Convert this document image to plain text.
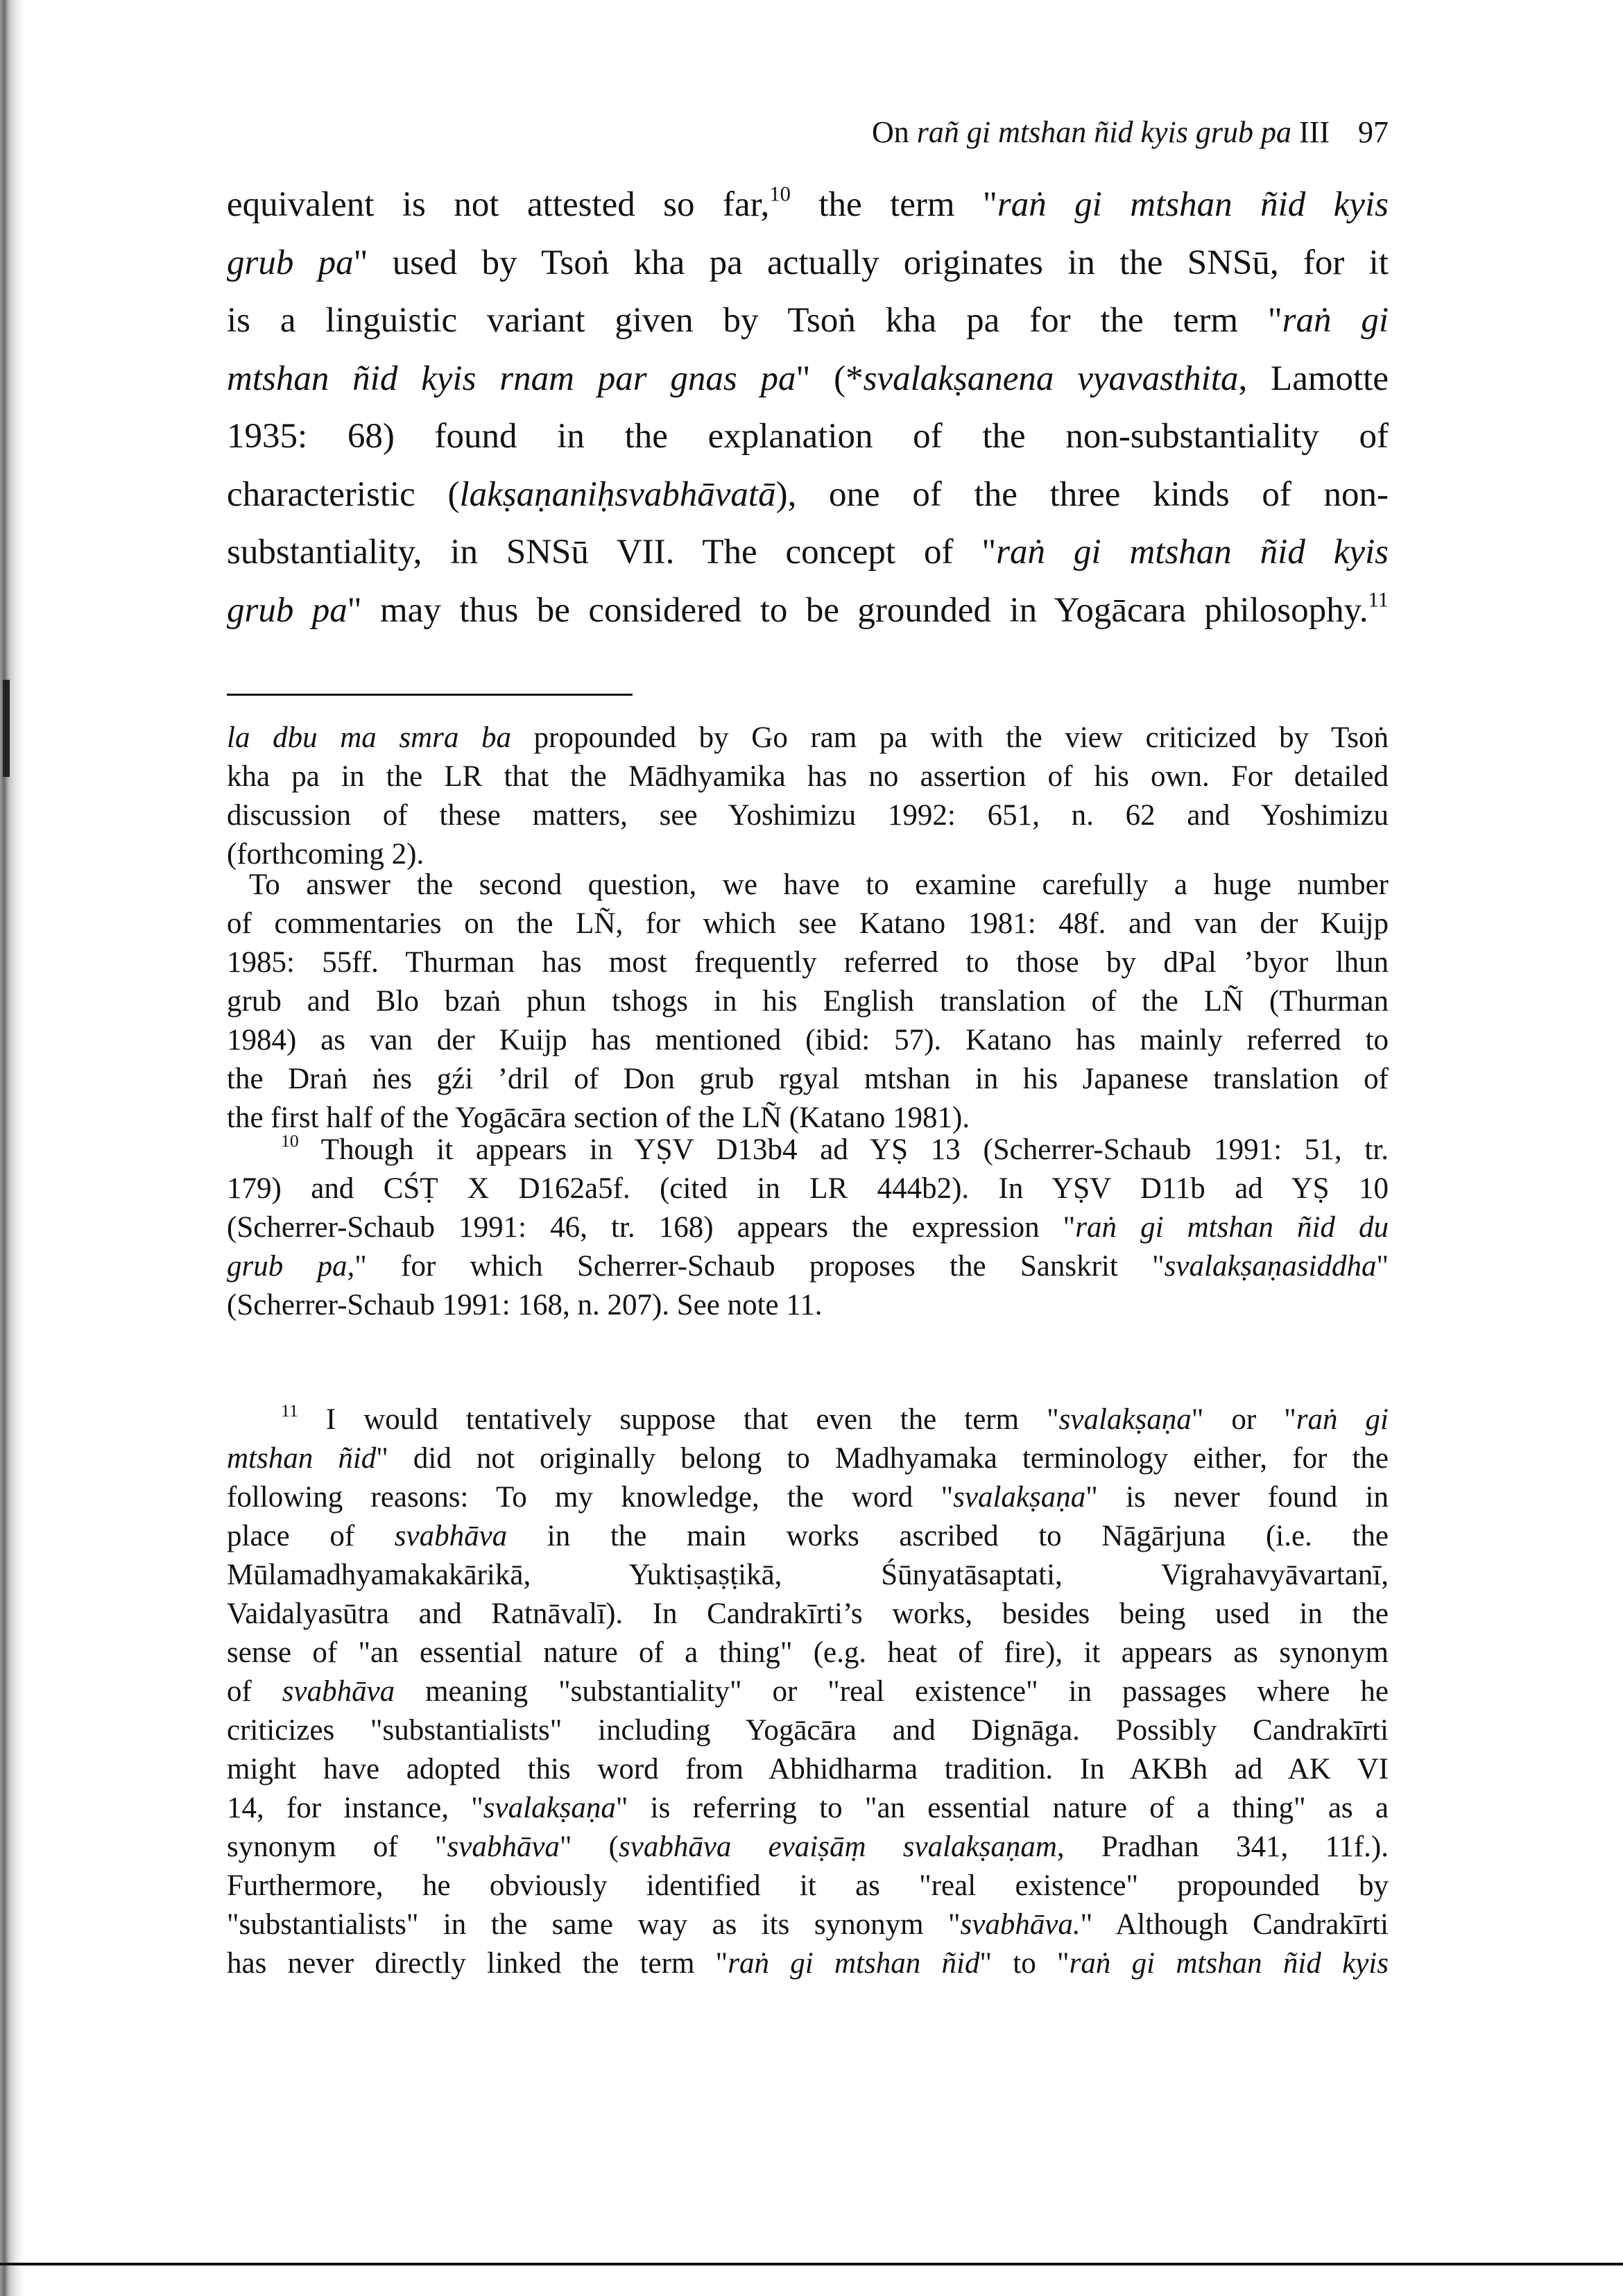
On rañ gi mtshan ñid kyis grub pa III 97
equivalent is not attested so far,$^{10}$ the term "raṅ gi mtshan ñid kyis
grub pa" used by Tsoṅ kha pa actually originates in the SNSū, for it
is a linguistic variant given by Tsoṅ kha pa for the term "raṅ gi
mtshan ñid kyis rnam par gnas pa" (*svalakṣanena vyavasthita, Lamotte
1935: 68) found in the explanation of the non-substantiality of
characteristic (lakṣaṇaniḥsvabhāvatā), one of the three kinds of non-
substantiality, in SNSū VII. The concept of "raṅ gi mtshan ñid kyis
grub pa" may thus be considered to be grounded in Yogācara philosophy.$^{11}$
la dbu ma smra ba propounded by Go ram pa with the view criticized by Tsoṅ
kha pa in the LR that the Mādhyamika has no assertion of his own. For detailed
discussion of these matters, see Yoshimizu 1992: 651, n. 62 and Yoshimizu
(forthcoming 2).
To answer the second question, we have to examine carefully a huge number
of commentaries on the LÑ, for which see Katano 1981: 48f. and van der Kuijp
1985: 55ff. Thurman has most frequently referred to those by dPal ’byor lhun
grub and Blo bzaṅ phun tshogs in his English translation of the LÑ (Thurman
1984) as van der Kuijp has mentioned (ibid: 57). Katano has mainly referred to
the Draṅ ṅes gźi ’dril of Don grub rgyal mtshan in his Japanese translation of
the first half of the Yogācāra section of the LÑ (Katano 1981).
$^{10}$ Though it appears in YṢV D13b4 ad YṢ 13 (Scherrer-Schaub 1991: 51, tr.
179) and CŚṬ X D162a5f. (cited in LR 444b2). In YṢV D11b ad YṢ 10
(Scherrer-Schaub 1991: 46, tr. 168) appears the expression "raṅ gi mtshan ñid du
grub pa," for which Scherrer-Schaub proposes the Sanskrit "svalakṣaṇasiddha"
(Scherrer-Schaub 1991: 168, n. 207). See note 11.
$^{11}$ I would tentatively suppose that even the term "svalakṣaṇa" or "raṅ gi
mtshan ñid" did not originally belong to Madhyamaka terminology either, for the
following reasons: To my knowledge, the word "svalakṣaṇa" is never found in
place of svabhāva in the main works ascribed to Nāgārjuna (i.e. the
Mūlamadhyamakakārikā, Yuktiṣaṣṭikā, Śūnyatāsaptati, Vigrahavyāvartanī,
Vaidalyasūtra and Ratnāvalī). In Candrakīrti’s works, besides being used in the
sense of "an essential nature of a thing" (e.g. heat of fire), it appears as synonym
of svabhāva meaning "substantiality" or "real existence" in passages where he
criticizes "substantialists" including Yogācāra and Dignāga. Possibly Candrakīrti
might have adopted this word from Abhidharma tradition. In AKBh ad AK VI
14, for instance, "svalakṣaṇa" is referring to "an essential nature of a thing" as a
synonym of "svabhāva" (svabhāva evaiṣāṃ svalakṣaṇam, Pradhan 341, 11f.).
Furthermore, he obviously identified it as "real existence" propounded by
"substantialists" in the same way as its synonym "svabhāva." Although Candrakīrti
has never directly linked the term "raṅ gi mtshan ñid" to "raṅ gi mtshan ñid kyis
